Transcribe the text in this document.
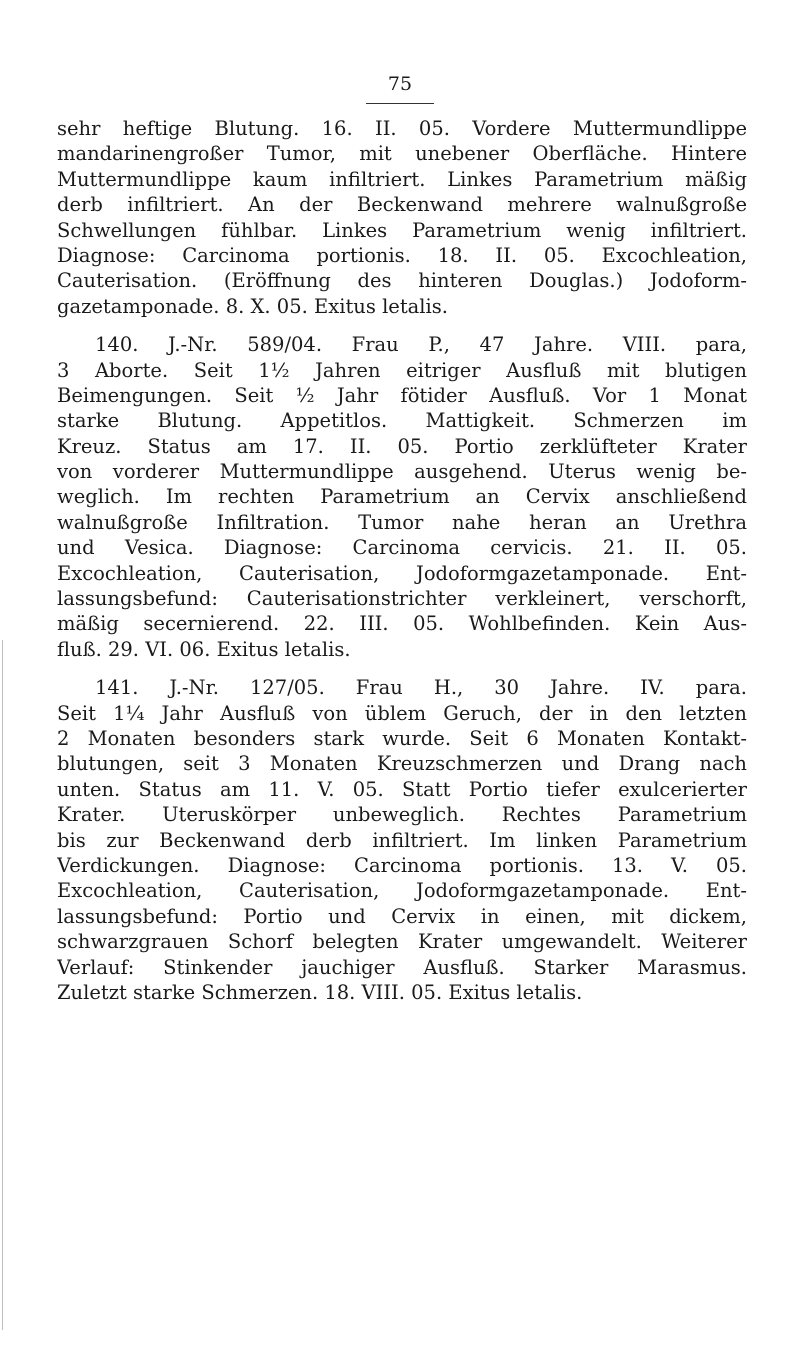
75
sehr heftige Blutung. 16. II. 05. Vordere Muttermundlippe
mandarinengroßer Tumor, mit unebener Oberfläche. Hintere
Muttermundlippe kaum infiltriert. Linkes Parametrium mäßig
derb infiltriert. An der Beckenwand mehrere walnußgroße
Schwellungen fühlbar. Linkes Parametrium wenig infiltriert.
Diagnose: Carcinoma portionis. 18. II. 05. Excochleation,
Cauterisation. (Eröffnung des hinteren Douglas.) Jodoform-
gazetamponade. 8. X. 05. Exitus letalis.
140. J.-Nr. 589/04. Frau P., 47 Jahre. VIII. para,
3 Aborte. Seit 1½ Jahren eitriger Ausfluß mit blutigen
Beimengungen. Seit ½ Jahr fötider Ausfluß. Vor 1 Monat
starke Blutung. Appetitlos. Mattigkeit. Schmerzen im
Kreuz. Status am 17. II. 05. Portio zerklüfteter Krater
von vorderer Muttermundlippe ausgehend. Uterus wenig be-
weglich. Im rechten Parametrium an Cervix anschließend
walnußgroße Infiltration. Tumor nahe heran an Urethra
und Vesica. Diagnose: Carcinoma cervicis. 21. II. 05.
Excochleation, Cauterisation, Jodoformgazetamponade. Ent-
lassungsbefund: Cauterisationstrichter verkleinert, verschorft,
mäßig secernierend. 22. III. 05. Wohlbefinden. Kein Aus-
fluß. 29. VI. 06. Exitus letalis.
141. J.-Nr. 127/05. Frau H., 30 Jahre. IV. para.
Seit 1¼ Jahr Ausfluß von üblem Geruch, der in den letzten
2 Monaten besonders stark wurde. Seit 6 Monaten Kontakt-
blutungen, seit 3 Monaten Kreuzschmerzen und Drang nach
unten. Status am 11. V. 05. Statt Portio tiefer exulcerierter
Krater. Uteruskörper unbeweglich. Rechtes Parametrium
bis zur Beckenwand derb infiltriert. Im linken Parametrium
Verdickungen. Diagnose: Carcinoma portionis. 13. V. 05.
Excochleation, Cauterisation, Jodoformgazetamponade. Ent-
lassungsbefund: Portio und Cervix in einen, mit dickem,
schwarzgrauen Schorf belegten Krater umgewandelt. Weiterer
Verlauf: Stinkender jauchiger Ausfluß. Starker Marasmus.
Zuletzt starke Schmerzen. 18. VIII. 05. Exitus letalis.
